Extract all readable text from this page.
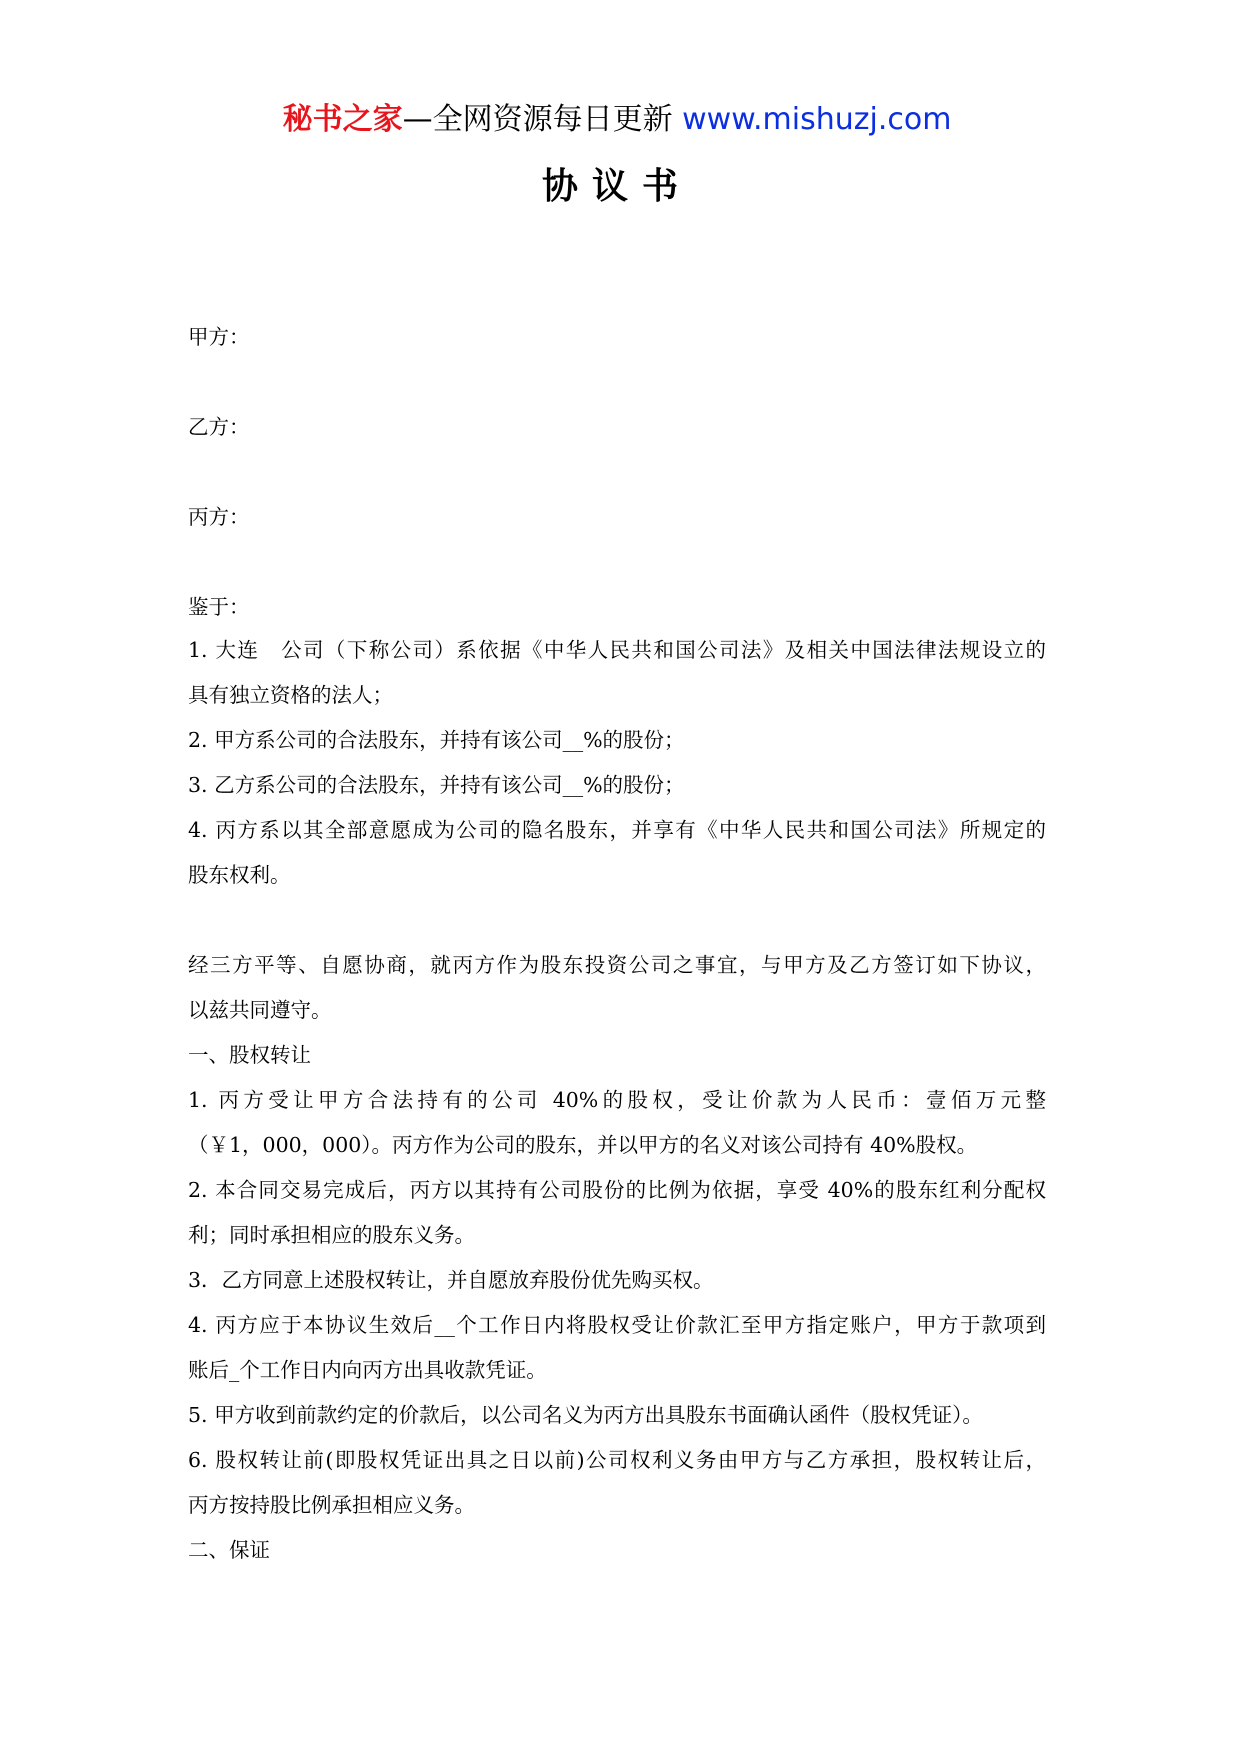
秘书之家—全网资源每日更新 www.mishuzj.com
协议书

甲方：

乙方：

丙方：

鉴于：

1. 大连　公司（下称公司）系依据《中华人民共和国公司法》及相关中国法律法规设立的

具有独立资格的法人；

2. 甲方系公司的合法股东，并持有该公司__%的股份；

3. 乙方系公司的合法股东，并持有该公司__%的股份；

4. 丙方系以其全部意愿成为公司的隐名股东，并享有《中华人民共和国公司法》所规定的

股东权利。

经三方平等、自愿协商，就丙方作为股东投资公司之事宜，与甲方及乙方签订如下协议，

以兹共同遵守。

一、股权转让

1. 丙方受让甲方合法持有的公司 40%的股权，受让价款为人民币：壹佰万元整

（￥1，000，000）。丙方作为公司的股东，并以甲方的名义对该公司持有 40%股权。

2. 本合同交易完成后，丙方以其持有公司股份的比例为依据，享受 40%的股东红利分配权

利；同时承担相应的股东义务。

3．乙方同意上述股权转让，并自愿放弃股份优先购买权。

4. 丙方应于本协议生效后__个工作日内将股权受让价款汇至甲方指定账户，甲方于款项到

账后_个工作日内向丙方出具收款凭证。

5. 甲方收到前款约定的价款后，以公司名义为丙方出具股东书面确认函件（股权凭证）。

6. 股权转让前(即股权凭证出具之日以前)公司权利义务由甲方与乙方承担，股权转让后，

丙方按持股比例承担相应义务。

二、保证
